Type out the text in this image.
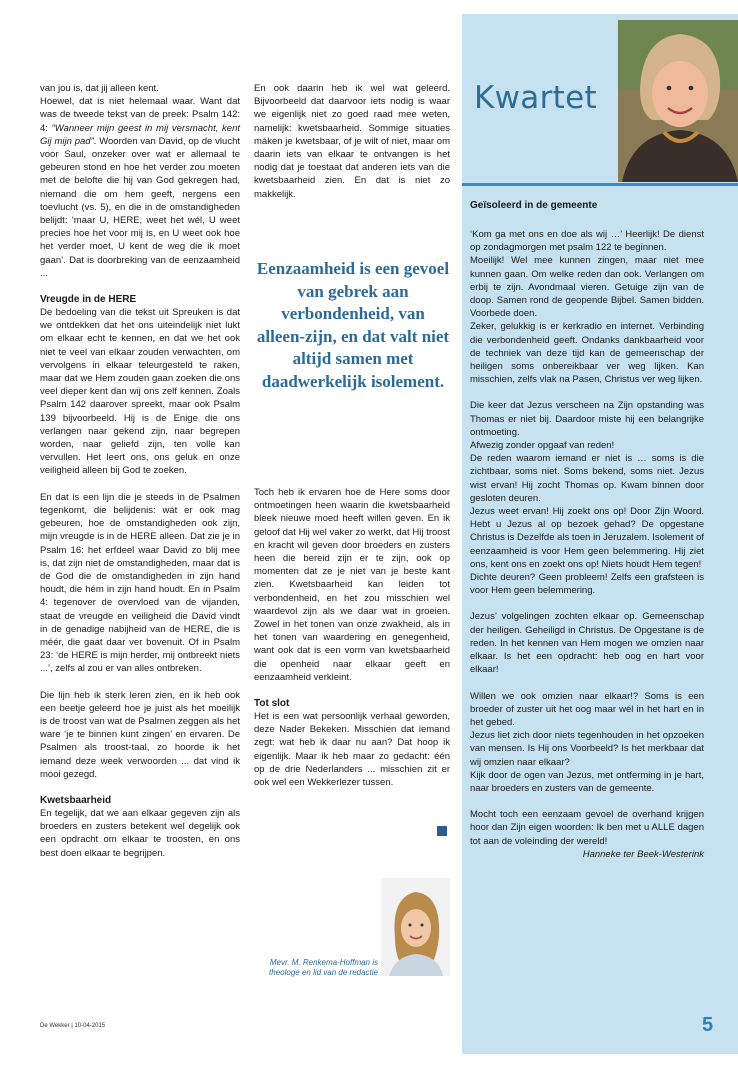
van jou is, dat jij alleen kent.

Hoewel, dat is niet helemaal waar. Want dat was de tweede tekst van de preek: Psalm 142: 4: “Wanneer mijn geest in mij versmacht, kent Gij mijn pad”. Woorden van David, op de vlucht voor Saul, onzeker over wat er allemaal te gebeuren stond en hoe het verder zou moeten met de belofte die hij van God gekregen had, niemand die om hem geeft, nergens een toevlucht (vs. 5), en die in de omstandigheden belijdt: ‘maar U, HERE, weet het wél, U weet precies hoe het voor mij is, en U weet ook hoe het verder moet, U kent de weg die ik moet gaan’. Dat is doorbreking van de eenzaamheid ...

Vreugde in de HERE

De bedoeling van die tekst uit Spreuken is dat we ontdekken dat het ons uiteindelijk niet lukt om elkaar echt te kennen, en dat we het ook niet te veel van elkaar zouden verwachten, om vervolgens in elkaar teleurgesteld te raken, maar dat we Hem zouden gaan zoeken die ons veel dieper kent dan wij ons zelf kennen. Zoals Psalm 142 daarover spreekt, maar ook Psalm 139 bijvoorbeeld. Hij is de Enige die ons verlangen naar gekend zijn, naar begrepen worden, naar geliefd zijn, ten volle kan vervullen. Het leert ons, ons geluk en onze veiligheid alleen bij God te zoeken.

En dat is een lijn die je steeds in de Psalmen tegenkomt, die belijdenis: wát er ook mag gebeuren, hoe de omstandigheden ook zijn, mijn vreugde is in de HERE alleen. Dat zie je in Psalm 16: het erfdeel waar David zo blij mee is, dat zijn niet de omstandigheden, maar dat is de God die de omstandigheden in zijn hand houdt, die hém in zijn hand houdt. En in Psalm 4: tegenover de overvloed van de vijanden, staat de vreugde en veiligheid die David vindt in de genadige nabijheid van de HERE, die is méér, die gaat daar ver bovenuit. Of in Psalm 23: ‘de HERE is mijn herder, mij ontbreekt niets ...’, zelfs al zou er van alles ontbreken.

Die lijn heb ik sterk leren zien, en ik heb ook een beetje geleerd hoe je juist als het moeilijk is de troost van wat de Psalmen zeggen als het ware ‘je te binnen kunt zingen’ en ervaren. De Psalmen als troost-taal, zo hoorde ik het iemand deze week verwoorden ... dat vind ik mooi gezegd.

Kwetsbaarheid

En tegelijk, dat we aan elkaar gegeven zijn als broeders en zusters betekent wel degelijk ook een opdracht om elkaar te troosten, en ons best doen elkaar te begrijpen.

En ook daarin heb ik wel wat geleerd. Bijvoorbeeld dat daarvoor iets nodig is waar we eigenlijk niet zo goed raad mee weten, namelijk: kwetsbaarheid. Sommige situaties máken je kwetsbaar, of je wilt of niet, maar om daarin iets van elkaar te ontvangen is het nodig dat je toestaat dat anderen iets van die kwetsbaarheid zien. En dat is niet zo makkelijk.

Eenzaamheid is een gevoel van gebrek aan verbondenheid, van alleen-zijn, en dat valt niet altijd samen met daadwerkelijk isolement.

Toch heb ik ervaren hoe de Here soms door ontmoetingen heen waarin die kwetsbaarheid bleek nieuwe moed heeft willen geven. En ik geloof dat Hij wel vaker zo werkt, dat Hij troost en kracht wil geven door broeders en zusters heen die bereid zijn er te zijn, ook op momenten dat ze je niet van je beste kant zien. Kwetsbaarheid kan leiden tot verbondenheid, en het zou misschien wel waardevol zijn als we daar wat in groeien. Zowel in het tonen van onze zwakheid, als in het tonen van waardering en genegenheid, want ook dat is een vorm van kwetsbaarheid die openheid naar elkaar geeft en eenzaamheid verkleint.

Tot slot

Het is een wat persoonlijk verhaal geworden, deze Nader Bekeken. Misschien dat iemand zegt: wat heb ik daar nu aan? Dat hoop ik eigenlijk. Maar ik heb maar zo gedacht: één op de drie Nederlanders ... misschien zit er ook wel een Wekkerlezer tussen.

Mevr. M. Renkema-Hoffman is theologe en lid van de redactie
Kwartet
Geïsoleerd in de gemeente

‘Kom ga met ons en doe als wij …’ Heerlijk! De dienst op zondagmorgen met psalm 122 te beginnen.
Moeilijk! Wel mee kunnen zingen, maar niet mee kunnen gaan. Om welke reden dan ook. Verlangen om erbij te zijn. Avondmaal vieren. Getuige zijn van de doop. Samen rond de geopende Bijbel. Samen bidden. Voorbede doen.
Zeker, gelukkig is er kerkradio en internet. Verbinding die verbondenheid geeft. Ondanks dankbaarheid voor de techniek van deze tijd kan de gemeenschap der heiligen soms onbereikbaar ver weg lijken. Kan misschien, zelfs vlak na Pasen, Christus ver weg lijken.

Die keer dat Jezus verscheen na Zijn opstanding was Thomas er niet bij. Daardoor miste hij een belangrijke ontmoeting.
Afwezig zonder opgaaf van reden!
De reden waarom iemand er niet is … soms is die zichtbaar, soms niet. Soms bekend, soms niet. Jezus wist ervan! Hij zocht Thomas op. Kwam binnen door gesloten deuren.
Jezus weet ervan! Hij zoekt ons op! Door Zijn Woord. Hebt u Jezus al op bezoek gehad? De opgestane Christus is Dezelfde als toen in Jeruzalem. Isolement of eenzaamheid is voor Hem geen belemmering. Hij ziet ons, kent ons en zoekt ons op! Niets houdt Hem tegen!
Dichte deuren? Geen probleem! Zelfs een grafsteen is voor Hem geen belemmering.

Jezus’ volgelingen zochten elkaar op. Gemeenschap der heiligen. Geheiligd in Christus. De Opgestane is de reden. In het kennen van Hem mogen we omzien naar elkaar. Is het een opdracht: heb oog en hart voor elkaar!

Willen we ook omzien naar elkaar!? Soms is een broeder of zuster uit het oog maar wél in het hart en in het gebed.
Jezus liet zich door niets tegenhouden in het opzoeken van mensen. Is Hij ons Voorbeeld? Is het merkbaar dat wij omzien naar elkaar?
Kijk door de ogen van Jezus, met ontferming in je hart, naar broeders en zusters van de gemeente.

Mocht toch een eenzaam gevoel de overhand krijgen hoor dan Zijn eigen woorden: Ik ben met u ALLE dagen tot aan de voleinding der wereld!

Hanneke ter Beek-Westerink
De Wekker | 10-04-2015	5
